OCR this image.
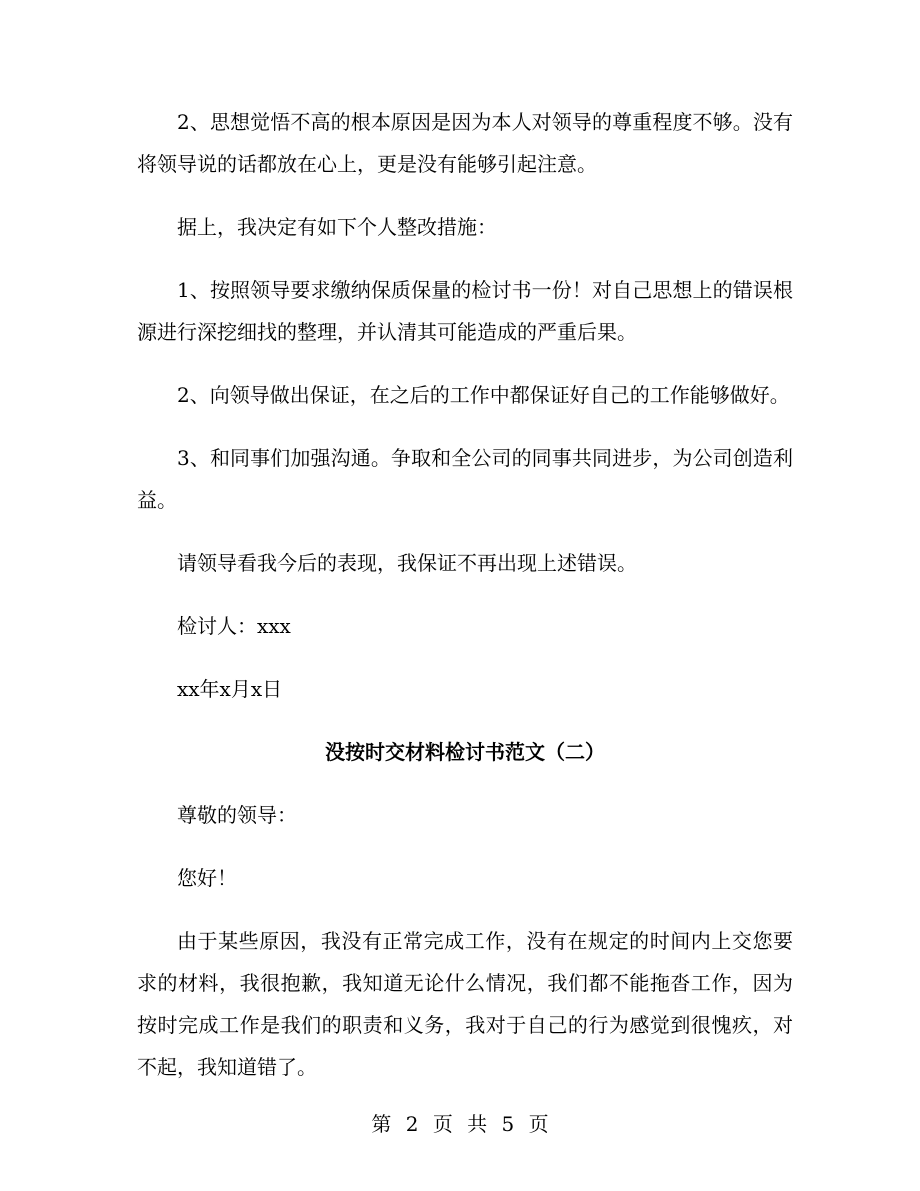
2、思想觉悟不高的根本原因是因为本人对领导的尊重程度不够。没有将领导说的话都放在心上，更是没有能够引起注意。

据上，我决定有如下个人整改措施：

1、按照领导要求缴纳保质保量的检讨书一份！对自己思想上的错误根源进行深挖细找的整理，并认清其可能造成的严重后果。

2、向领导做出保证，在之后的工作中都保证好自己的工作能够做好。

3、和同事们加强沟通。争取和全公司的同事共同进步，为公司创造利益。

请领导看我今后的表现，我保证不再出现上述错误。

检讨人：xxx

xx年x月x日

没按时交材料检讨书范文（二）

尊敬的领导：

您好！

由于某些原因，我没有正常完成工作，没有在规定的时间内上交您要求的材料，我很抱歉，我知道无论什么情况，我们都不能拖沓工作，因为按时完成工作是我们的职责和义务，我对于自己的行为感觉到很愧疚，对不起，我知道错了。

第 2 页 共 5 页
